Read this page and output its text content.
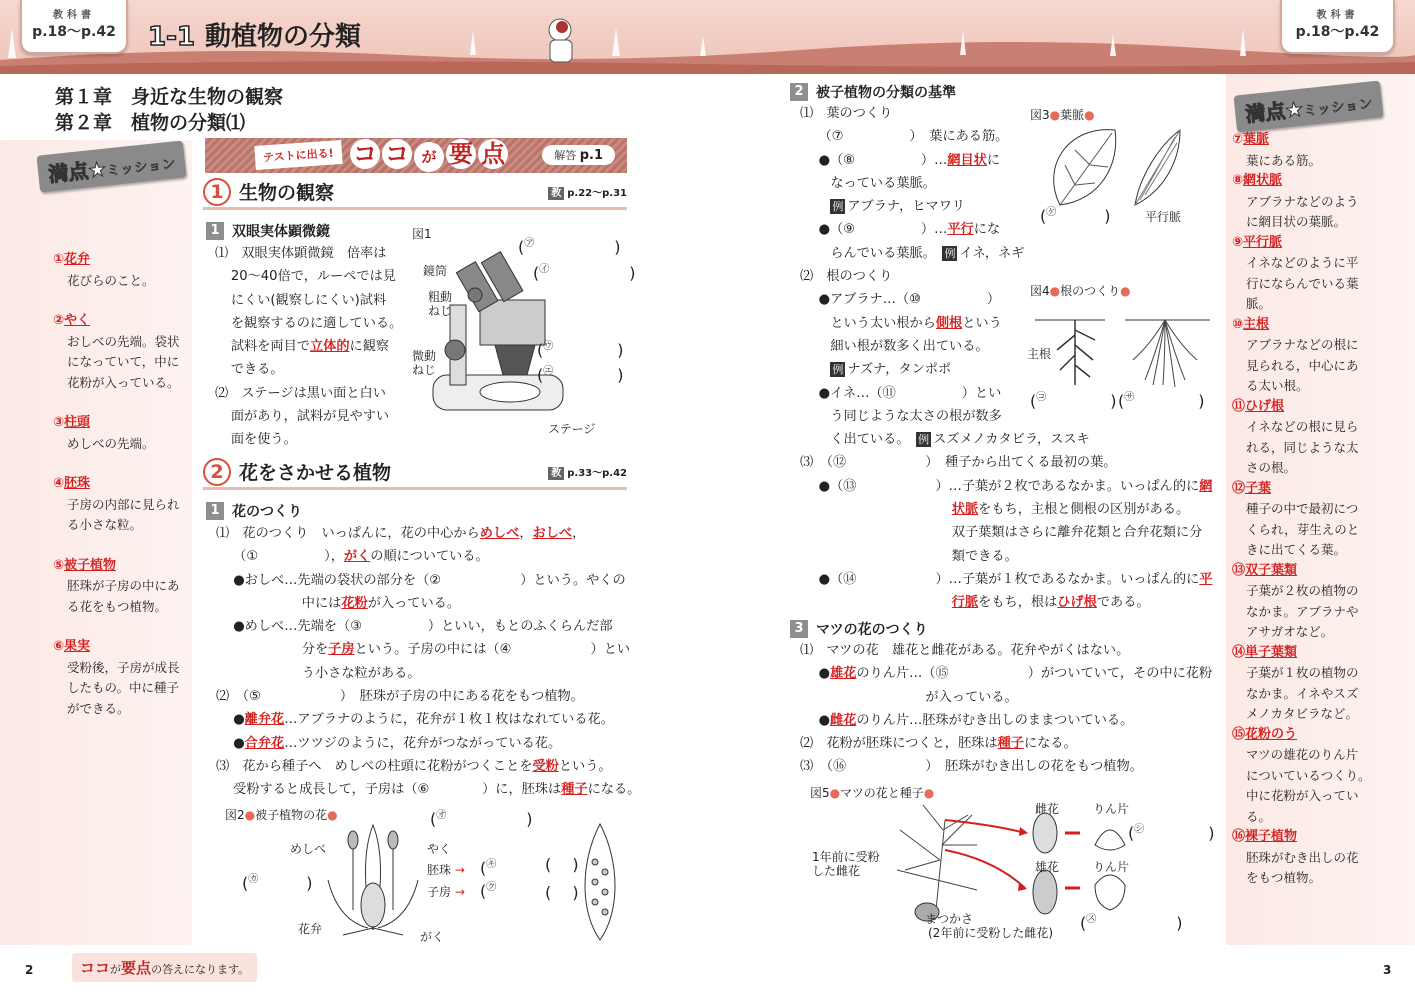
教科書
p.18〜p.42	1-1 動植物の分類
教科書
p.18〜p.42
第１章　身近な生物の観察
第２章　植物の分類⑴
満点★ミッション
満点★ミッション
①花弁
花びらのこと。
②やく
おしべの先端。袋状
になっていて，中に
花粉が入っている。
③柱頭
めしべの先端。
④胚珠
子房の内部に見られ
る小さな粒。
⑤被子植物
胚珠が子房の中にあ
る花をもつ植物。
⑥果実
受粉後，子房が成長
したもの。中に種子
ができる。
⑦葉脈
葉にある筋。
⑧網状脈
アブラナなどのよう
に網目状の葉脈。
⑨平行脈
イネなどのように平
行にならんでいる葉
脈。
⑩主根
アブラナなどの根に
見られる，中心にあ
る太い根。
⑪ひげ根
イネなどの根に見ら
れる，同じような太
さの根。
⑫子葉
種子の中で最初につ
くられ，芽生えのと
きに出てくる葉。
⑬双子葉類
子葉が２枚の植物の
なかま。アブラナや
アサガオなど。
⑭単子葉類
子葉が１枚の植物の
なかま。イネやスズ
メノカタビラなど。
⑮花粉のう
マツの雄花のりん片
についているつくり。
中に花粉が入ってい
る。
⑯裸子植物
胚珠がむき出しの花
をもつ植物。
テストに出る! コ コ が 要 点	解答 p.1
1 生物の観察	教 p.22〜p.31
1 双眼実体顕微鏡
⑴　双眼実体顕微鏡　倍率は
20〜40倍で，ルーペでは見
にくい(観察しにくい)試料
を観察するのに適している。
試料を両目で立体的に観察
できる。
⑵　ステージは黒い面と白い
面があり，試料が見やすい
面を使う。
図1
鏡筒
粗動
ねじ
微動
ねじ
ステージ
(㋐　　　　　)
(㋑　　　　　)
(㋒　　　　)
(㋓　　　　)
2 花をさかせる植物	教 p.33〜p.42
1 花のつくり
⑴　花のつくり　いっぱんに，花の中心からめしべ，おしべ，
（①　　　　　），がくの順についている。
●おしべ…先端の袋状の部分を（②　　　　　　）という。やくの
中には花粉が入っている。
●めしべ…先端を（③　　　　　）といい，もとのふくらんだ部
分を子房という。子房の中には（④　　　　　　）とい
う小さな粒がある。
⑵　（⑤　　　　　　）　胚珠が子房の中にある花をもつ植物。
●離弁花…アブラナのように，花弁が１枚１枚はなれている花。
●合弁花…ツツジのように，花弁がつながっている花。
⑶　花から種子へ　めしべの柱頭に花粉がつくことを受粉という。
受粉すると成長して，子房は（⑥　　　　）に，胚珠は種子になる。
図2●被子植物の花●
(　 )
(　 )
めしべ	やく
胚珠 →
子房 →
花弁
がく
(㋔　　　　　)
(㋕　　　)
(㋖　
(㋗　
2 被子植物の分類の基準
⑴　葉のつくり
（⑦　　　　　）　葉にある筋。
●（⑧　　　　　）…網目状に
なっている葉脈。
例 アブラナ，ヒマワリ
●（⑨　　　　　）…平行にな
らんでいる葉脈。　例 イネ，ネギ
⑵　根のつくり
●アブラナ…（⑩　　　　　）
という太い根から側根という
細い根が数多く出ている。
例 ナズナ，タンポポ
●イネ…（⑪　　　　　）とい
う同じような太さの根が数多
く出ている。　例 スズメノカタビラ，ススキ
⑶　（⑫　　　　　　）　種子から出てくる最初の葉。
●（⑬　　　　　　）…子葉が２枚であるなかま。いっぱん的に網
状脈をもち，主根と側根の区別がある。
双子葉類はさらに離弁花類と合弁花類に分
類できる。
●（⑭　　　　　　）…子葉が１枚であるなかま。いっぱん的に平
行脈をもち，根はひげ根である。
3 マツの花のつくり
⑴　マツの花　雄花と雌花がある。花弁やがくはない。
●雄花のりん片…（⑮　　　　　　）がついていて，その中に花粉
が入っている。
●雌花のりん片…胚珠がむき出しのままついている。
⑵　花粉が胚珠につくと，胚珠は種子になる。
⑶　（⑯　　　　　　）　胚珠がむき出しの花をもつ植物。
図3●葉脈●
(㋘　　　)	平行脈
図4●根のつくり●
主根
(㋙　　　　) (㋚　　　　)
図5●マツの花と種子●
雌花	りん片
雄花	りん片
1年前に受粉
した雌花
まつかさ
(2年前に受粉した雌花)
(㋛　　　　)
(㋜　　　　　)
2	3
ココが要点の答えになります。
